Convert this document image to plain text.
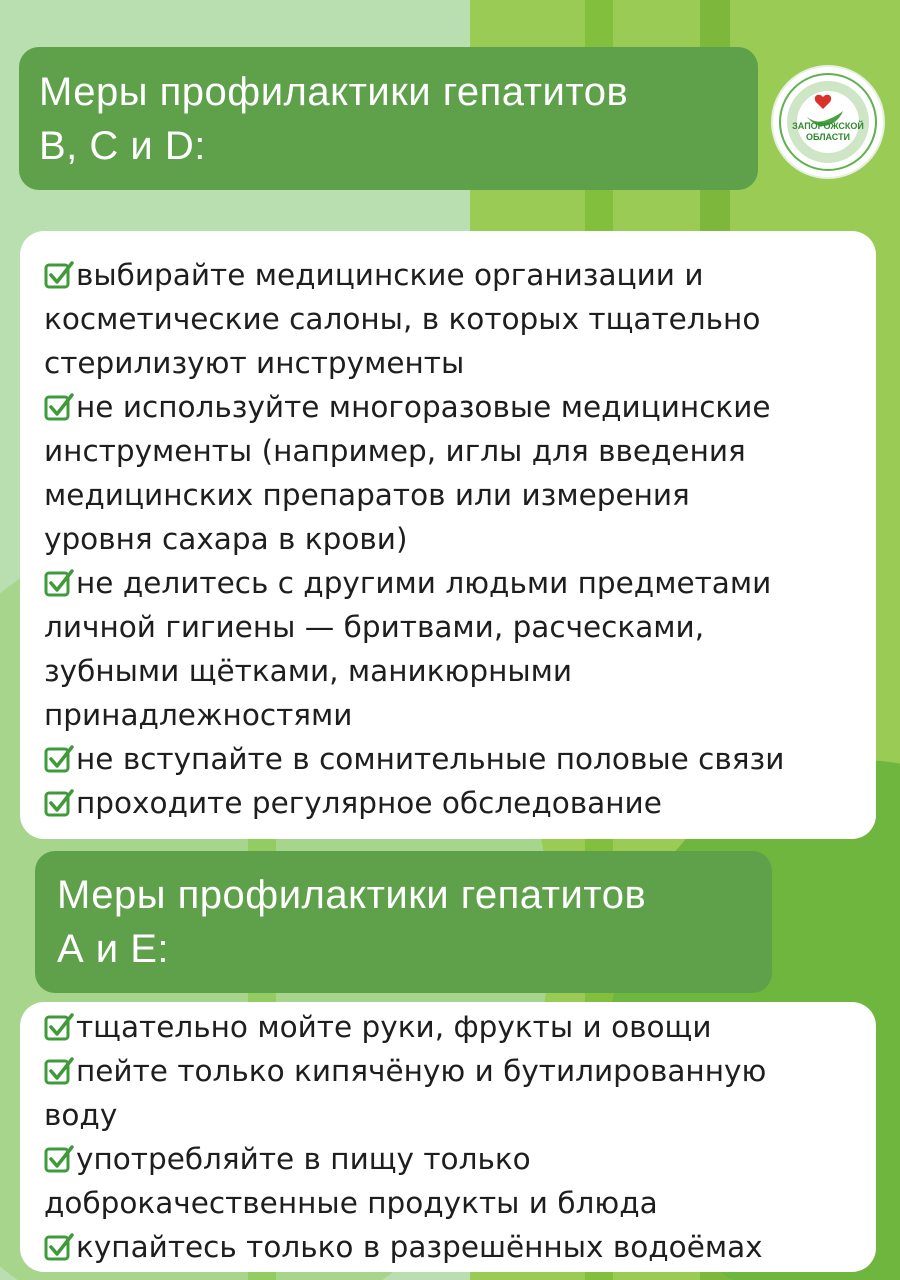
Меры профилактики гепатитов
В, С и D:	ЗАПОРОЖСКОЙ
ОБЛАСТИ
выбирайте медицинские организации и
косметические салоны, в которых тщательно
стерилизуют инструменты
не используйте многоразовые медицинские
инструменты (например, иглы для введения
медицинских препаратов или измерения
уровня сахара в крови)
не делитесь с другими людьми предметами
личной гигиены — бритвами, расческами,
зубными щётками, маникюрными
принадлежностями
не вступайте в сомнительные половые связи
проходите регулярное обследование
Меры профилактики гепатитов
А и Е:
тщательно мойте руки, фрукты и овощи
пейте только кипячёную и бутилированную
воду
употребляйте в пищу только
доброкачественные продукты и блюда
купайтесь только в разрешённых водоёмах
